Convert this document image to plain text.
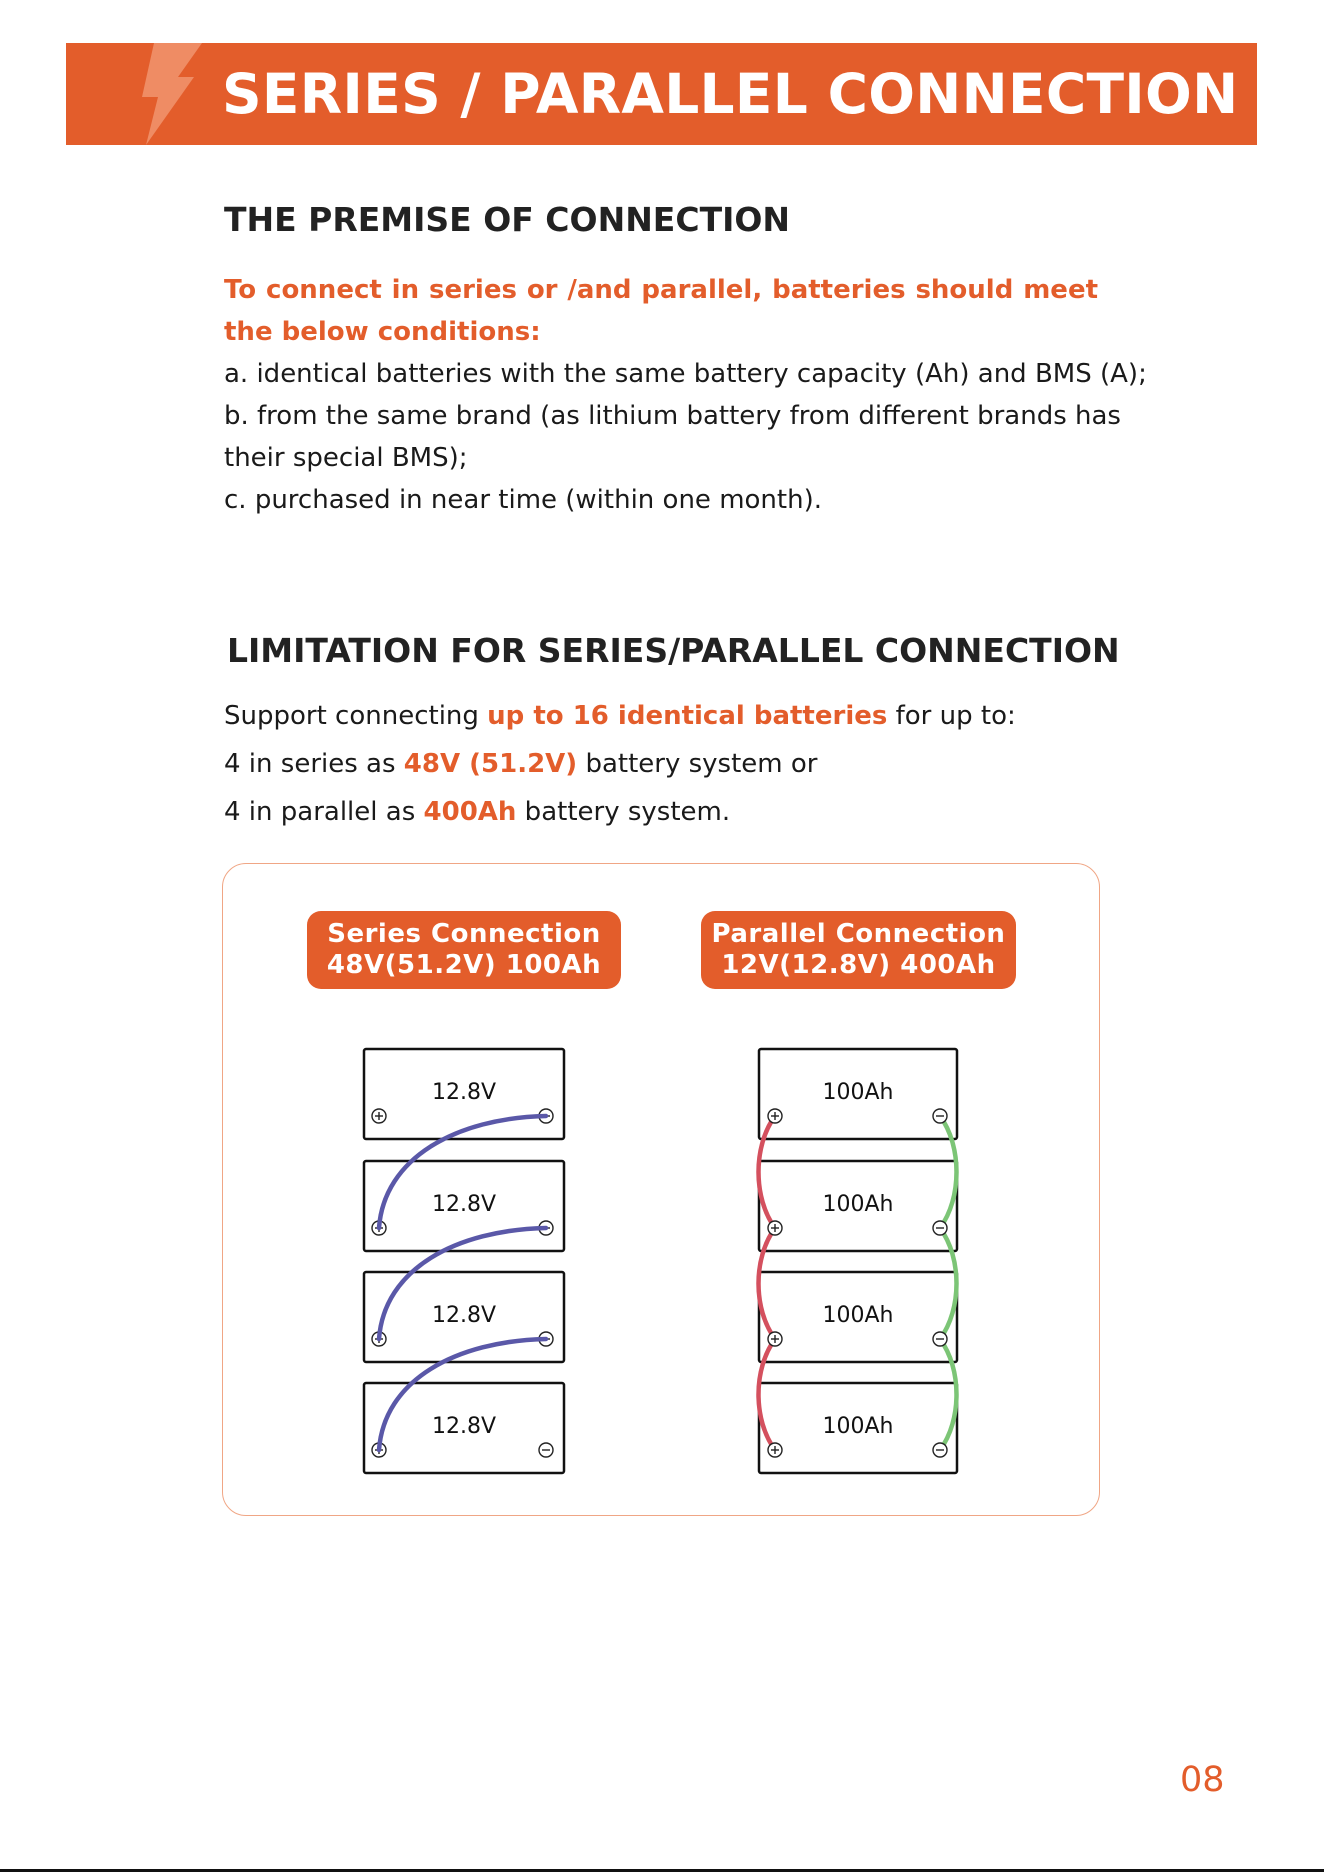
SERIES / PARALLEL CONNECTION
THE PREMISE OF CONNECTION
To connect in series or /and parallel, batteries should meet the below conditions:
a. identical batteries with the same battery capacity (Ah) and BMS (A);
b. from the same brand (as lithium battery from different brands has
their special BMS);
c. purchased in near time (within one month).
LIMITATION FOR SERIES/PARALLEL CONNECTION
Support connecting up to 16 identical batteries for up to:
4 in series as 48V (51.2V) battery system or
4 in parallel as 400Ah battery system.
Series Connection
48V(51.2V) 100Ah
Parallel Connection
12V(12.8V) 400Ah
12.8V
12.8V
12.8V
12.8V
100Ah
100Ah
100Ah
100Ah
08
